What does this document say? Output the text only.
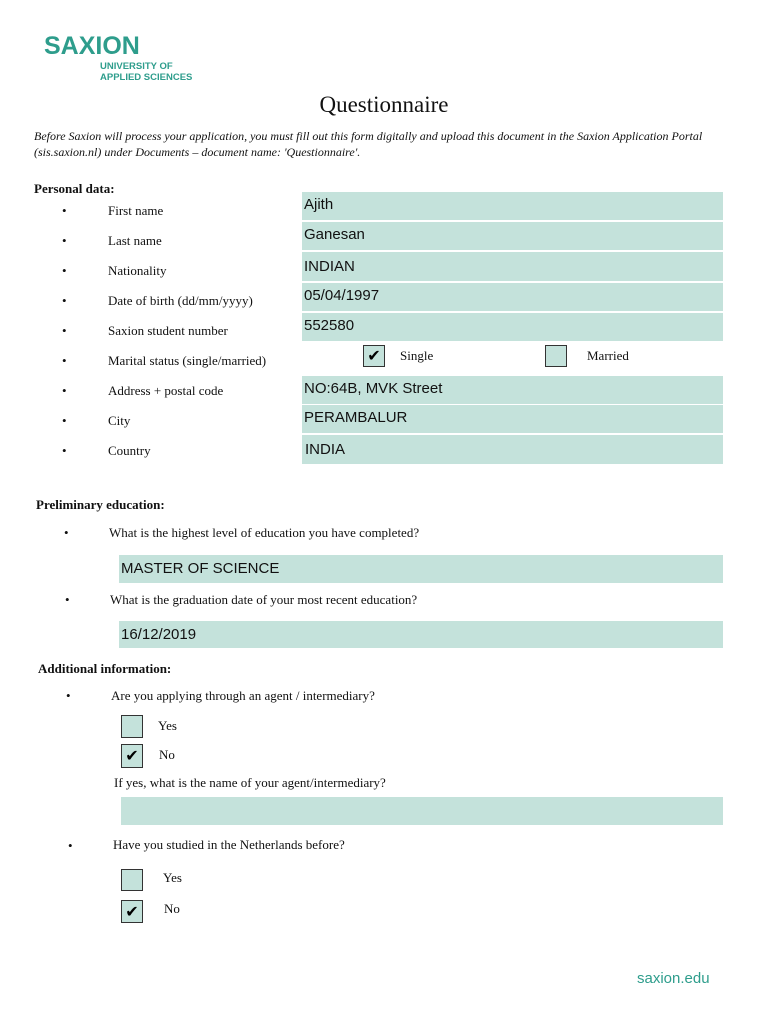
SAXION
UNIVERSITY OF
APPLIED SCIENCES
Questionnaire
Before Saxion will process your application, you must fill out this form digitally and upload this document in the Saxion Application Portal (sis.saxion.nl) under Documents – document name: 'Questionnaire'.
Personal data:
•	First name	Ajith
•	Last name	Ganesan
•	Nationality	INDIAN
•	Date of birth (dd/mm/yyyy)	05/04/1997
•	Saxion student number	552580
•	Marital status (single/married)	✔ Single	Married
•	Address + postal code	NO:64B, MVK Street
•	City	PERAMBALUR
•	Country	INDIA
Preliminary education:
•	What is the highest level of education you have completed?
MASTER OF SCIENCE
•	What is the graduation date of your most recent education?
16/12/2019
Additional information:
•	Are you applying through an agent / intermediary?
Yes
✔ No
If yes, what is the name of your agent/intermediary?
•	Have you studied in the Netherlands before?
Yes
✔ No
saxion.edu
